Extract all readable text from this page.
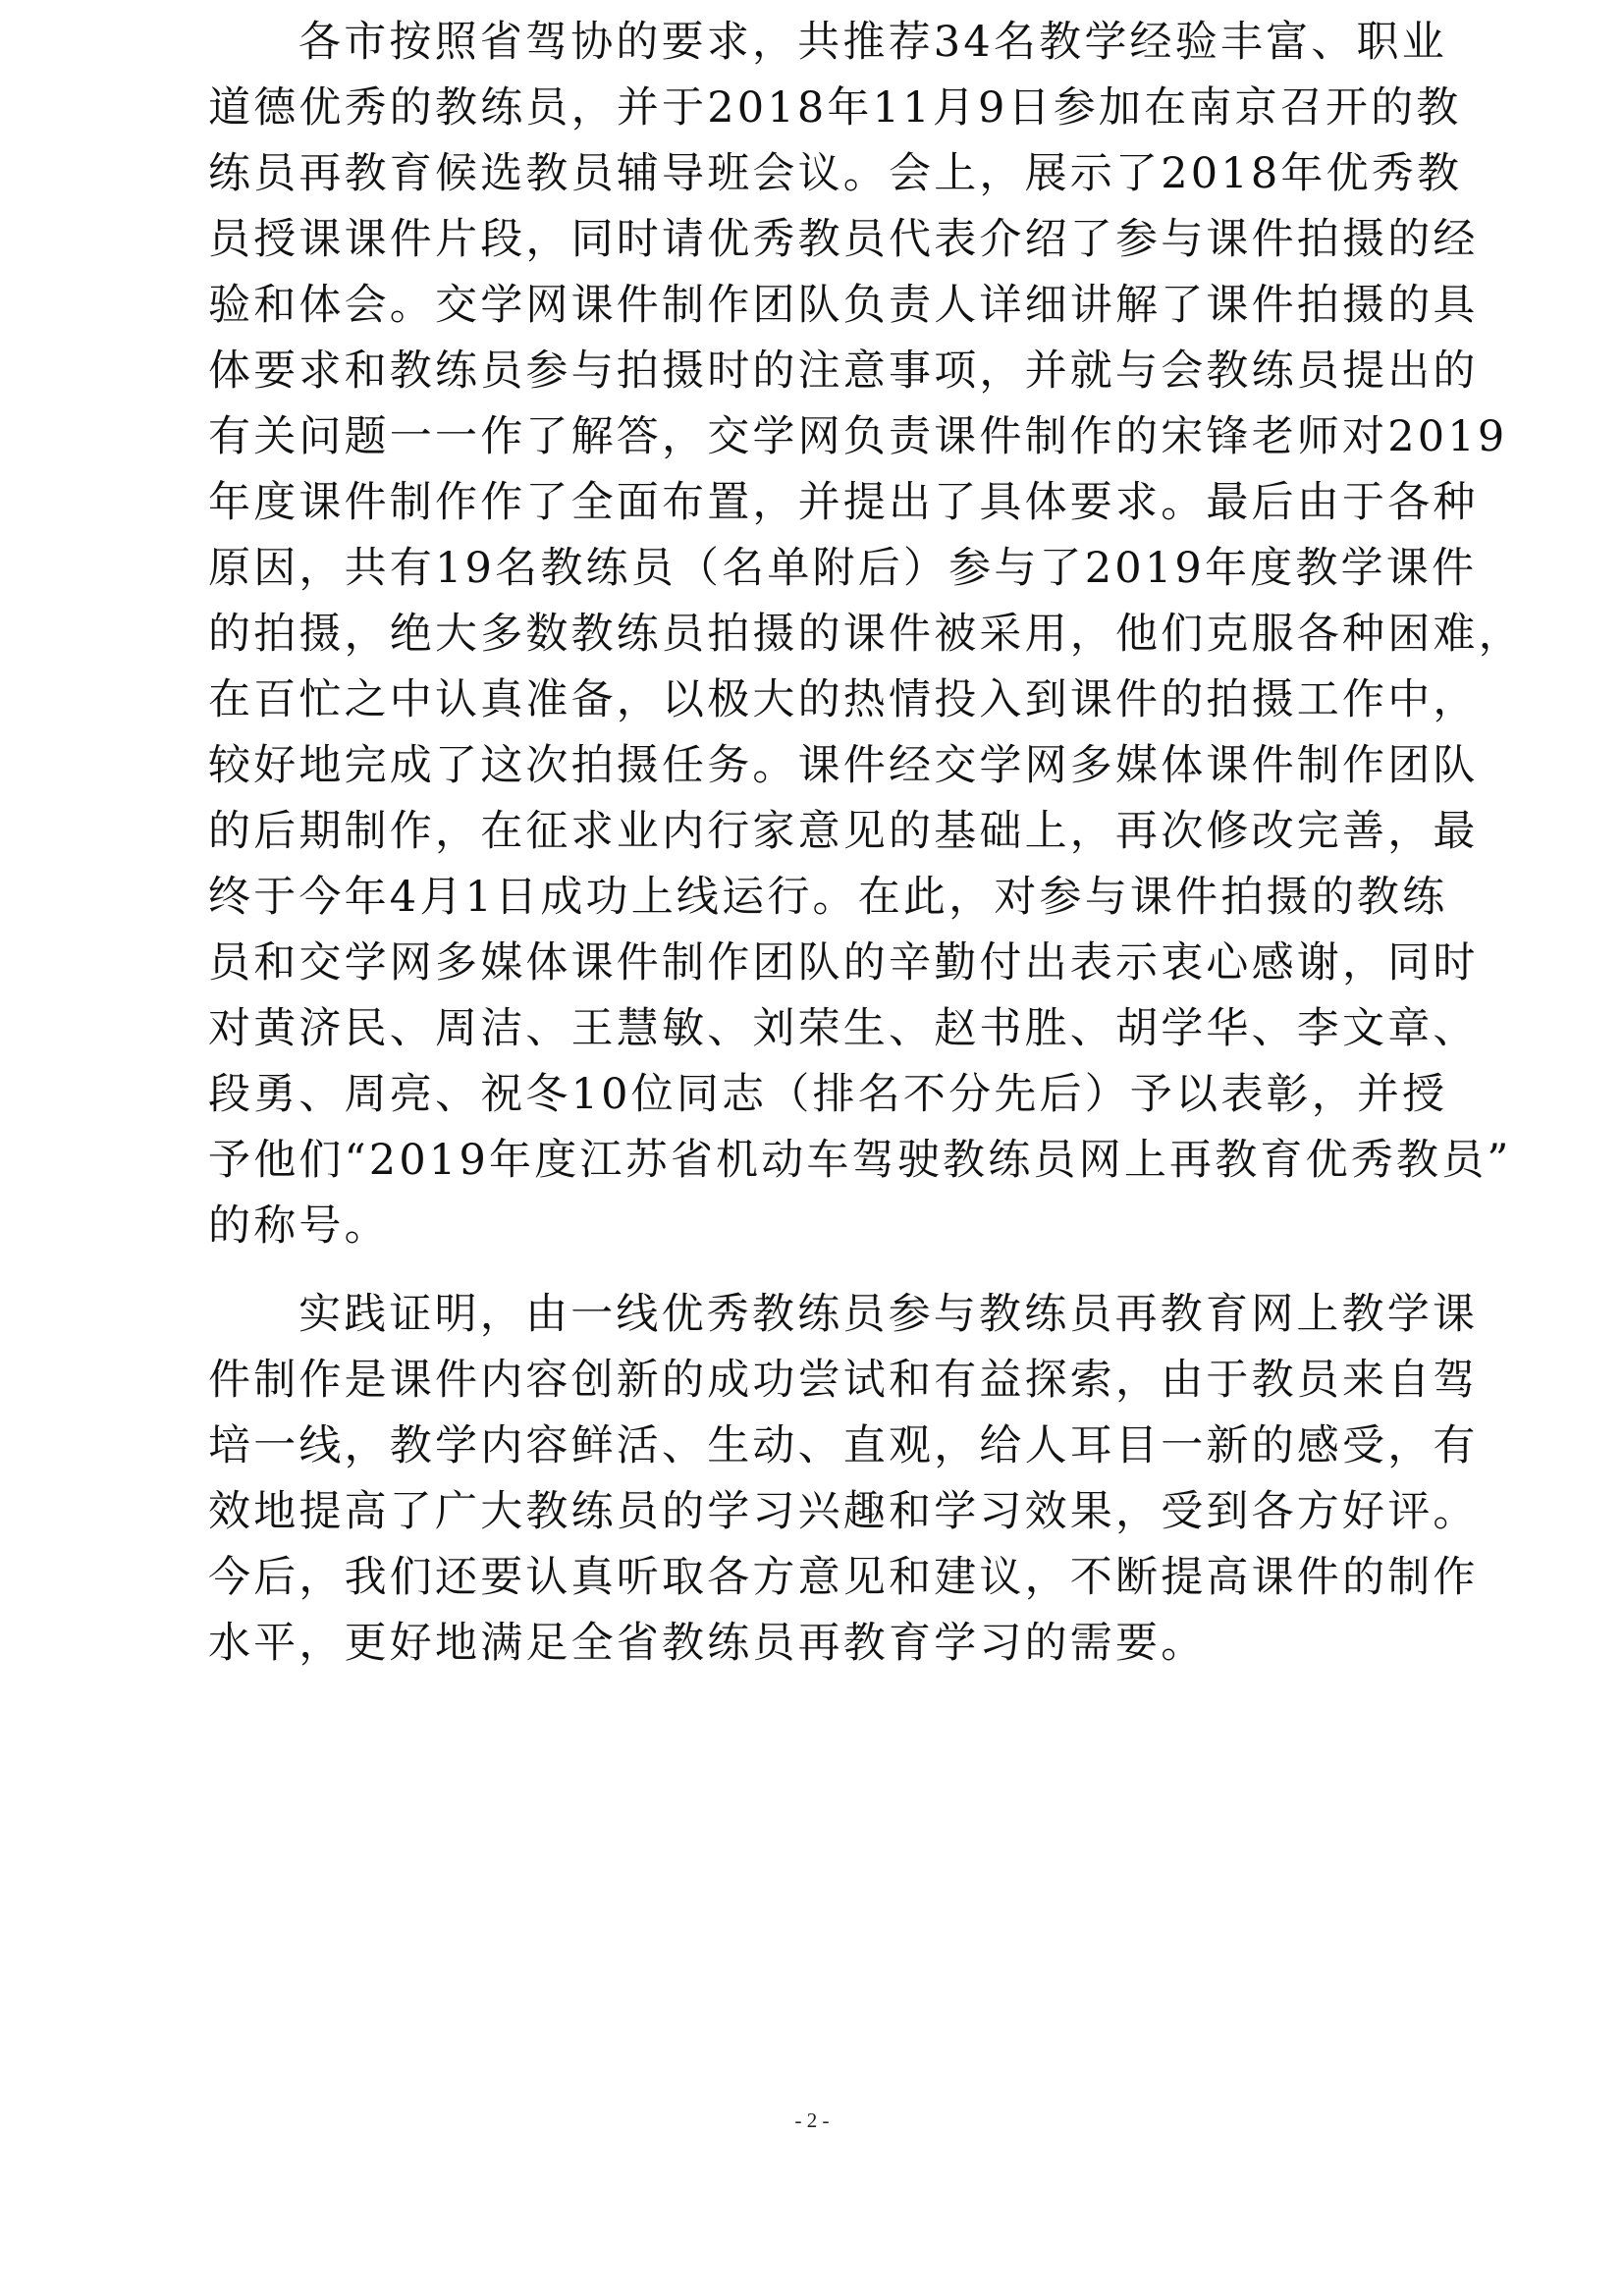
各市按照省驾协的要求，共推荐34名教学经验丰富、职业
道德优秀的教练员，并于2018年11月9日参加在南京召开的教
练员再教育候选教员辅导班会议。会上，展示了2018年优秀教
员授课课件片段，同时请优秀教员代表介绍了参与课件拍摄的经
验和体会。交学网课件制作团队负责人详细讲解了课件拍摄的具
体要求和教练员参与拍摄时的注意事项，并就与会教练员提出的
有关问题一一作了解答，交学网负责课件制作的宋锋老师对2019
年度课件制作作了全面布置，并提出了具体要求。最后由于各种
原因，共有19名教练员（名单附后）参与了2019年度教学课件
的拍摄，绝大多数教练员拍摄的课件被采用，他们克服各种困难，
在百忙之中认真准备，以极大的热情投入到课件的拍摄工作中，
较好地完成了这次拍摄任务。课件经交学网多媒体课件制作团队
的后期制作，在征求业内行家意见的基础上，再次修改完善，最
终于今年4月1日成功上线运行。在此，对参与课件拍摄的教练
员和交学网多媒体课件制作团队的辛勤付出表示衷心感谢，同时
对黄济民、周洁、王慧敏、刘荣生、赵书胜、胡学华、李文章、
段勇、周亮、祝冬10位同志（排名不分先后）予以表彰，并授
予他们“2019年度江苏省机动车驾驶教练员网上再教育优秀教员”
的称号。
实践证明，由一线优秀教练员参与教练员再教育网上教学课
件制作是课件内容创新的成功尝试和有益探索，由于教员来自驾
培一线，教学内容鲜活、生动、直观，给人耳目一新的感受，有
效地提高了广大教练员的学习兴趣和学习效果，受到各方好评。
今后，我们还要认真听取各方意见和建议，不断提高课件的制作
水平，更好地满足全省教练员再教育学习的需要。
- 2 -
